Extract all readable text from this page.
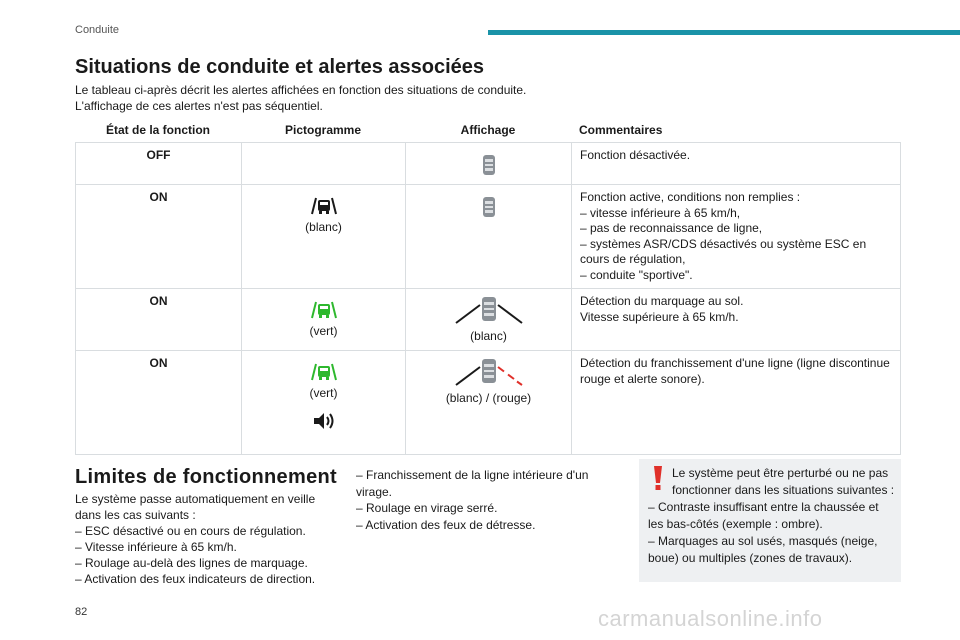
Conduite
Situations de conduite et alertes associées
Le tableau ci-après décrit les alertes affichées en fonction des situations de conduite.
L'affichage de ces alertes n'est pas séquentiel.
État de la fonction	Pictogramme	Affichage	Commentaires
OFF			Fonction désactivée.

ON	(blanc)		Fonction active, conditions non remplies :
– vitesse inférieure à 65 km/h,
– pas de reconnaissance de ligne,
– systèmes ASR/CDS désactivés ou système ESC en cours de régulation,
– conduite "sportive".

ON	(vert)	(blanc)	Détection du marquage au sol.
Vitesse supérieure à 65 km/h.

ON	(vert)	(blanc) / (rouge)	Détection du franchissement d'une ligne (ligne discontinue rouge et alerte sonore).
Limites de fonctionnement
Le système passe automatiquement en veille dans les cas suivants :
– ESC désactivé ou en cours de régulation.
– Vitesse inférieure à 65 km/h.
– Roulage au-delà des lignes de marquage.
– Activation des feux indicateurs de direction.
– Franchissement de la ligne intérieure d'un virage.
– Roulage en virage serré.
– Activation des feux de détresse.
Le système peut être perturbé ou ne pas fonctionner dans les situations suivantes :
– Contraste insuffisant entre la chaussée et les bas-côtés (exemple : ombre).
– Marquages au sol usés, masqués (neige, boue) ou multiples (zones de travaux).
82	carmanualsonline.info
